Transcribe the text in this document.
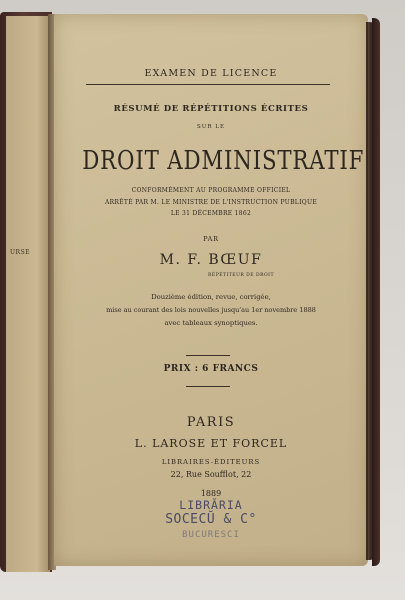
URSE
EXAMEN DE LICENCE
RÉSUMÉ DE RÉPÉTITIONS ÉCRITES
SUR LE
DROIT ADMINISTRATIF
CONFORMÉMENT AU PROGRAMME OFFICIEL
ARRÊTÉ PAR M. LE MINISTRE DE L'INSTRUCTION PUBLIQUE
LE 31 DÉCEMBRE 1862
PAR
M. F. BŒUF
RÉPÉTITEUR DE DROIT
Douzième édition, revue, corrigée,
mise au courant des lois nouvelles jusqu'au 1er novembre 1888
avec tableaux synoptiques.
PRIX : 6 FRANCS
PARIS
L. LAROSE ET FORCEL
LIBRAIRES-ÉDITEURS
22, Rue Soufflot, 22
1889
LIBRĂRIA
SOCECŬ & C°
BUCURESCI
